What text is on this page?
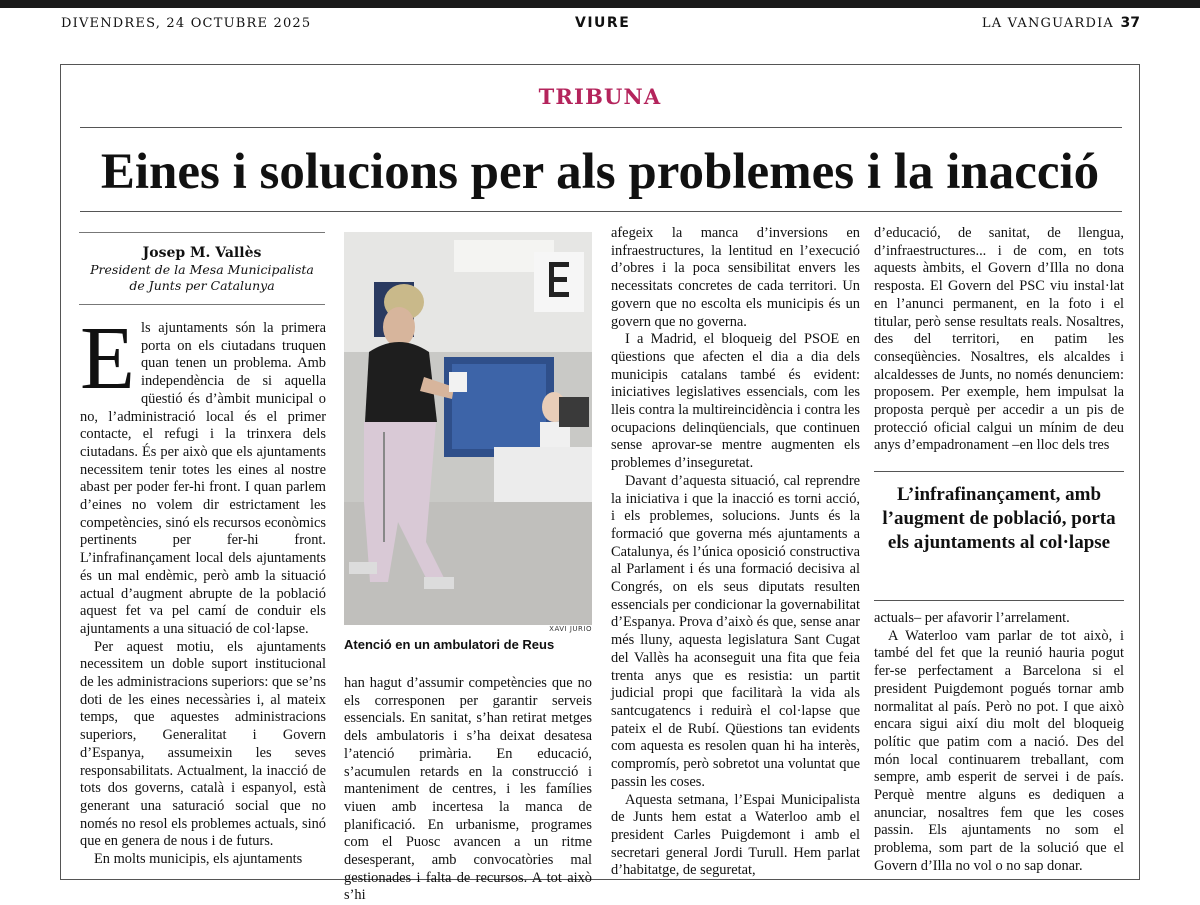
DIVENDRES, 24 OCTUBRE 2025	VIURE	LA VANGUARDIA 37
TRIBUNA
Eines i solucions per als problemes i la inacció
Josep M. Vallès
President de la Mesa Municipalista
de Junts per Catalunya
E ls ajuntaments són la primera porta on els ciutadans truquen quan tenen un problema. Amb independència de si aquella qüestió és d’àmbit municipal o no, l’administració local és el primer contacte, el refugi i la trinxera dels ciutadans. És per això que els ajuntaments necessitem tenir totes les eines al nostre abast per poder fer-hi front. I quan parlem d’eines no volem dir estrictament les competències, sinó els recursos econòmics pertinents per fer-hi front. L’infrafinançament local dels ajuntaments és un mal endèmic, però amb la situació actual d’augment abrupte de la població aquest fet va pel camí de conduir els ajuntaments a una situació de col·lapse.

Per aquest motiu, els ajuntaments necessitem un doble suport institucional de les administracions superiors: que se’ns doti de les eines necessàries i, al mateix temps, que aquestes administracions superiors, Generalitat i Govern d’Espanya, assumeixin les seves responsabilitats. Actualment, la inacció de tots dos governs, català i espanyol, està generant una saturació social que no només no resol els problemes actuals, sinó que en genera de nous i de futurs.

En molts municipis, els ajuntaments

XAVI JURIO
Atenció en un ambulatori de Reus

han hagut d’assumir competències que no els corresponen per garantir serveis essencials. En sanitat, s’han retirat metges dels ambulatoris i s’ha deixat desatesa l’atenció primària. En educació, s’acumulen retards en la construcció i manteniment de centres, i les famílies viuen amb incertesa la manca de planificació. En urbanisme, programes com el Puosc avancen a un ritme desesperant, amb convocatòries mal gestionades i falta de recursos. A tot això s’hi

afegeix la manca d’inversions en infraestructures, la lentitud en l’execució d’obres i la poca sensibilitat envers les necessitats concretes de cada territori. Un govern que no escolta els municipis és un govern que no governa.

I a Madrid, el bloqueig del PSOE en qüestions que afecten el dia a dia dels municipis catalans també és evident: iniciatives legislatives essencials, com les lleis contra la multireincidència i contra les ocupacions delinqüencials, que continuen sense aprovar-se mentre augmenten els problemes d’inseguretat.

Davant d’aquesta situació, cal reprendre la iniciativa i que la inacció es torni acció, i els problemes, solucions. Junts és la formació que governa més ajuntaments a Catalunya, és l’única oposició constructiva al Parlament i és una formació decisiva al Congrés, on els seus diputats resulten essencials per condicionar la governabilitat d’Espanya. Prova d’això és que, sense anar més lluny, aquesta legislatura Sant Cugat del Vallès ha aconseguit una fita que feia trenta anys que es resistia: un partit judicial propi que facilitarà la vida als santcugatencs i reduirà el col·lapse que pateix el de Rubí. Qüestions tan evidents com aquesta es resolen quan hi ha interès, compromís, però sobretot una voluntat que passin les coses.

Aquesta setmana, l’Espai Municipalista de Junts hem estat a Waterloo amb el president Carles Puigdemont i amb el secretari general Jordi Turull. Hem parlat d’habitatge, de seguretat,

d’educació, de sanitat, de llengua, d’infraestructures... i de com, en tots aquests àmbits, el Govern d’Illa no dona resposta. El Govern del PSC viu instal·lat en l’anunci permanent, en la foto i el titular, però sense resultats reals. Nosaltres, des del territori, en patim les conseqüències. Nosaltres, els alcaldes i alcaldesses de Junts, no només denunciem: proposem. Per exemple, hem impulsat la proposta perquè per accedir a un pis de protecció oficial calgui un mínim de deu anys d’empadronament –en lloc dels tres

L’infrafinançament, amb l’augment de població, porta els ajuntaments al col·lapse

actuals– per afavorir l’arrelament.

A Waterloo vam parlar de tot això, i també del fet que la reunió hauria pogut fer-se perfectament a Barcelona si el president Puigdemont pogués tornar amb normalitat al país. Però no pot. I que això encara sigui així diu molt del bloqueig polític que patim com a nació. Des del món local continuarem treballant, com sempre, amb esperit de servei i de país. Perquè mentre alguns es dediquen a anunciar, nosaltres fem que les coses passin. Els ajuntaments no som el problema, som part de la solució que el Govern d’Illa no vol o no sap donar.
